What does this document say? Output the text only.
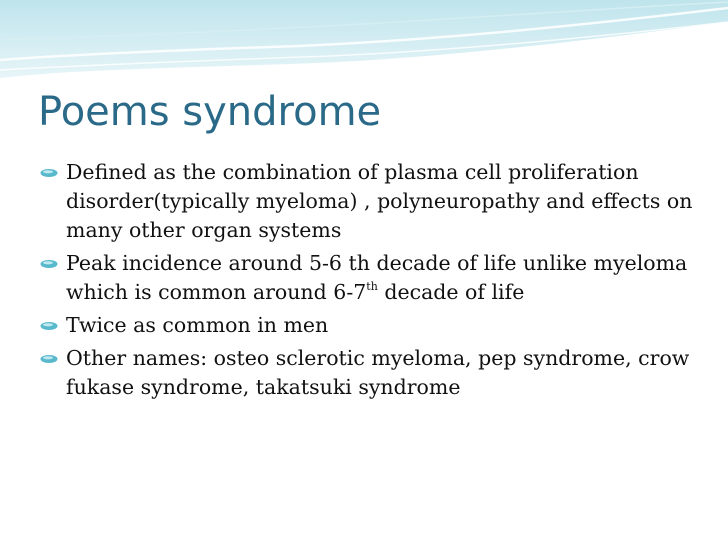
Poems syndrome
Defined as the combination of plasma cell proliferation disorder(typically myeloma) , polyneuropathy and effects on many other organ systems
Peak incidence around 5-6 th decade of life unlike myeloma which is common around 6-7th decade of life
Twice as common in men
Other names: osteo sclerotic myeloma, pep syndrome, crow fukase syndrome, takatsuki syndrome
